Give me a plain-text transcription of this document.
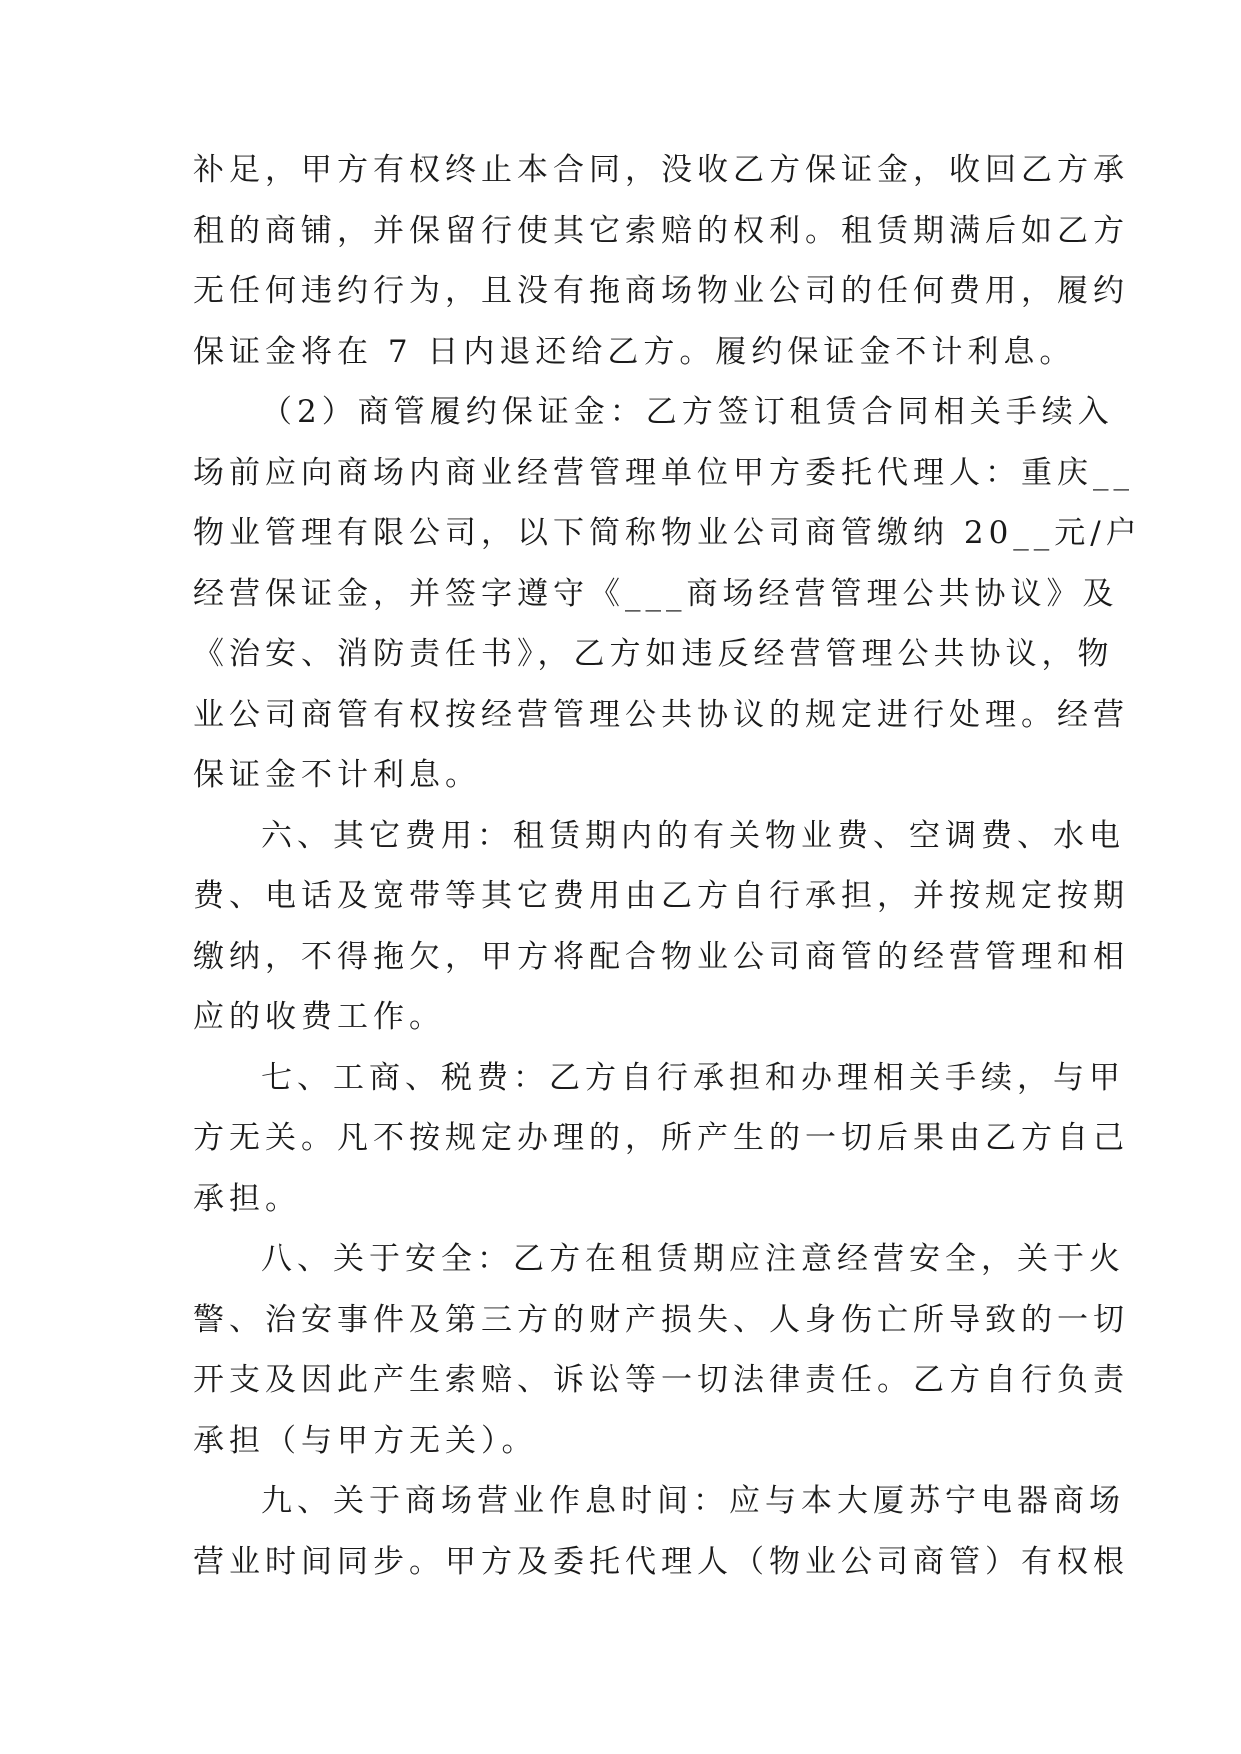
补足，甲方有权终止本合同，没收乙方保证金，收回乙方承
租的商铺，并保留行使其它索赔的权利。租赁期满后如乙方
无任何违约行为，且没有拖商场物业公司的任何费用，履约
保证金将在 7 日内退还给乙方。履约保证金不计利息。
（2）商管履约保证金：乙方签订租赁合同相关手续入
场前应向商场内商业经营管理单位甲方委托代理人：重庆__
物业管理有限公司，以下简称物业公司商管缴纳 20__元/户
经营保证金，并签字遵守《___商场经营管理公共协议》及
《治安、消防责任书》，乙方如违反经营管理公共协议，物
业公司商管有权按经营管理公共协议的规定进行处理。经营
保证金不计利息。
六、其它费用：租赁期内的有关物业费、空调费、水电
费、电话及宽带等其它费用由乙方自行承担，并按规定按期
缴纳，不得拖欠，甲方将配合物业公司商管的经营管理和相
应的收费工作。
七、工商、税费：乙方自行承担和办理相关手续，与甲
方无关。凡不按规定办理的，所产生的一切后果由乙方自己
承担。
八、关于安全：乙方在租赁期应注意经营安全，关于火
警、治安事件及第三方的财产损失、人身伤亡所导致的一切
开支及因此产生索赔、诉讼等一切法律责任。乙方自行负责
承担（与甲方无关）。
九、关于商场营业作息时间：应与本大厦苏宁电器商场
营业时间同步。甲方及委托代理人（物业公司商管）有权根
